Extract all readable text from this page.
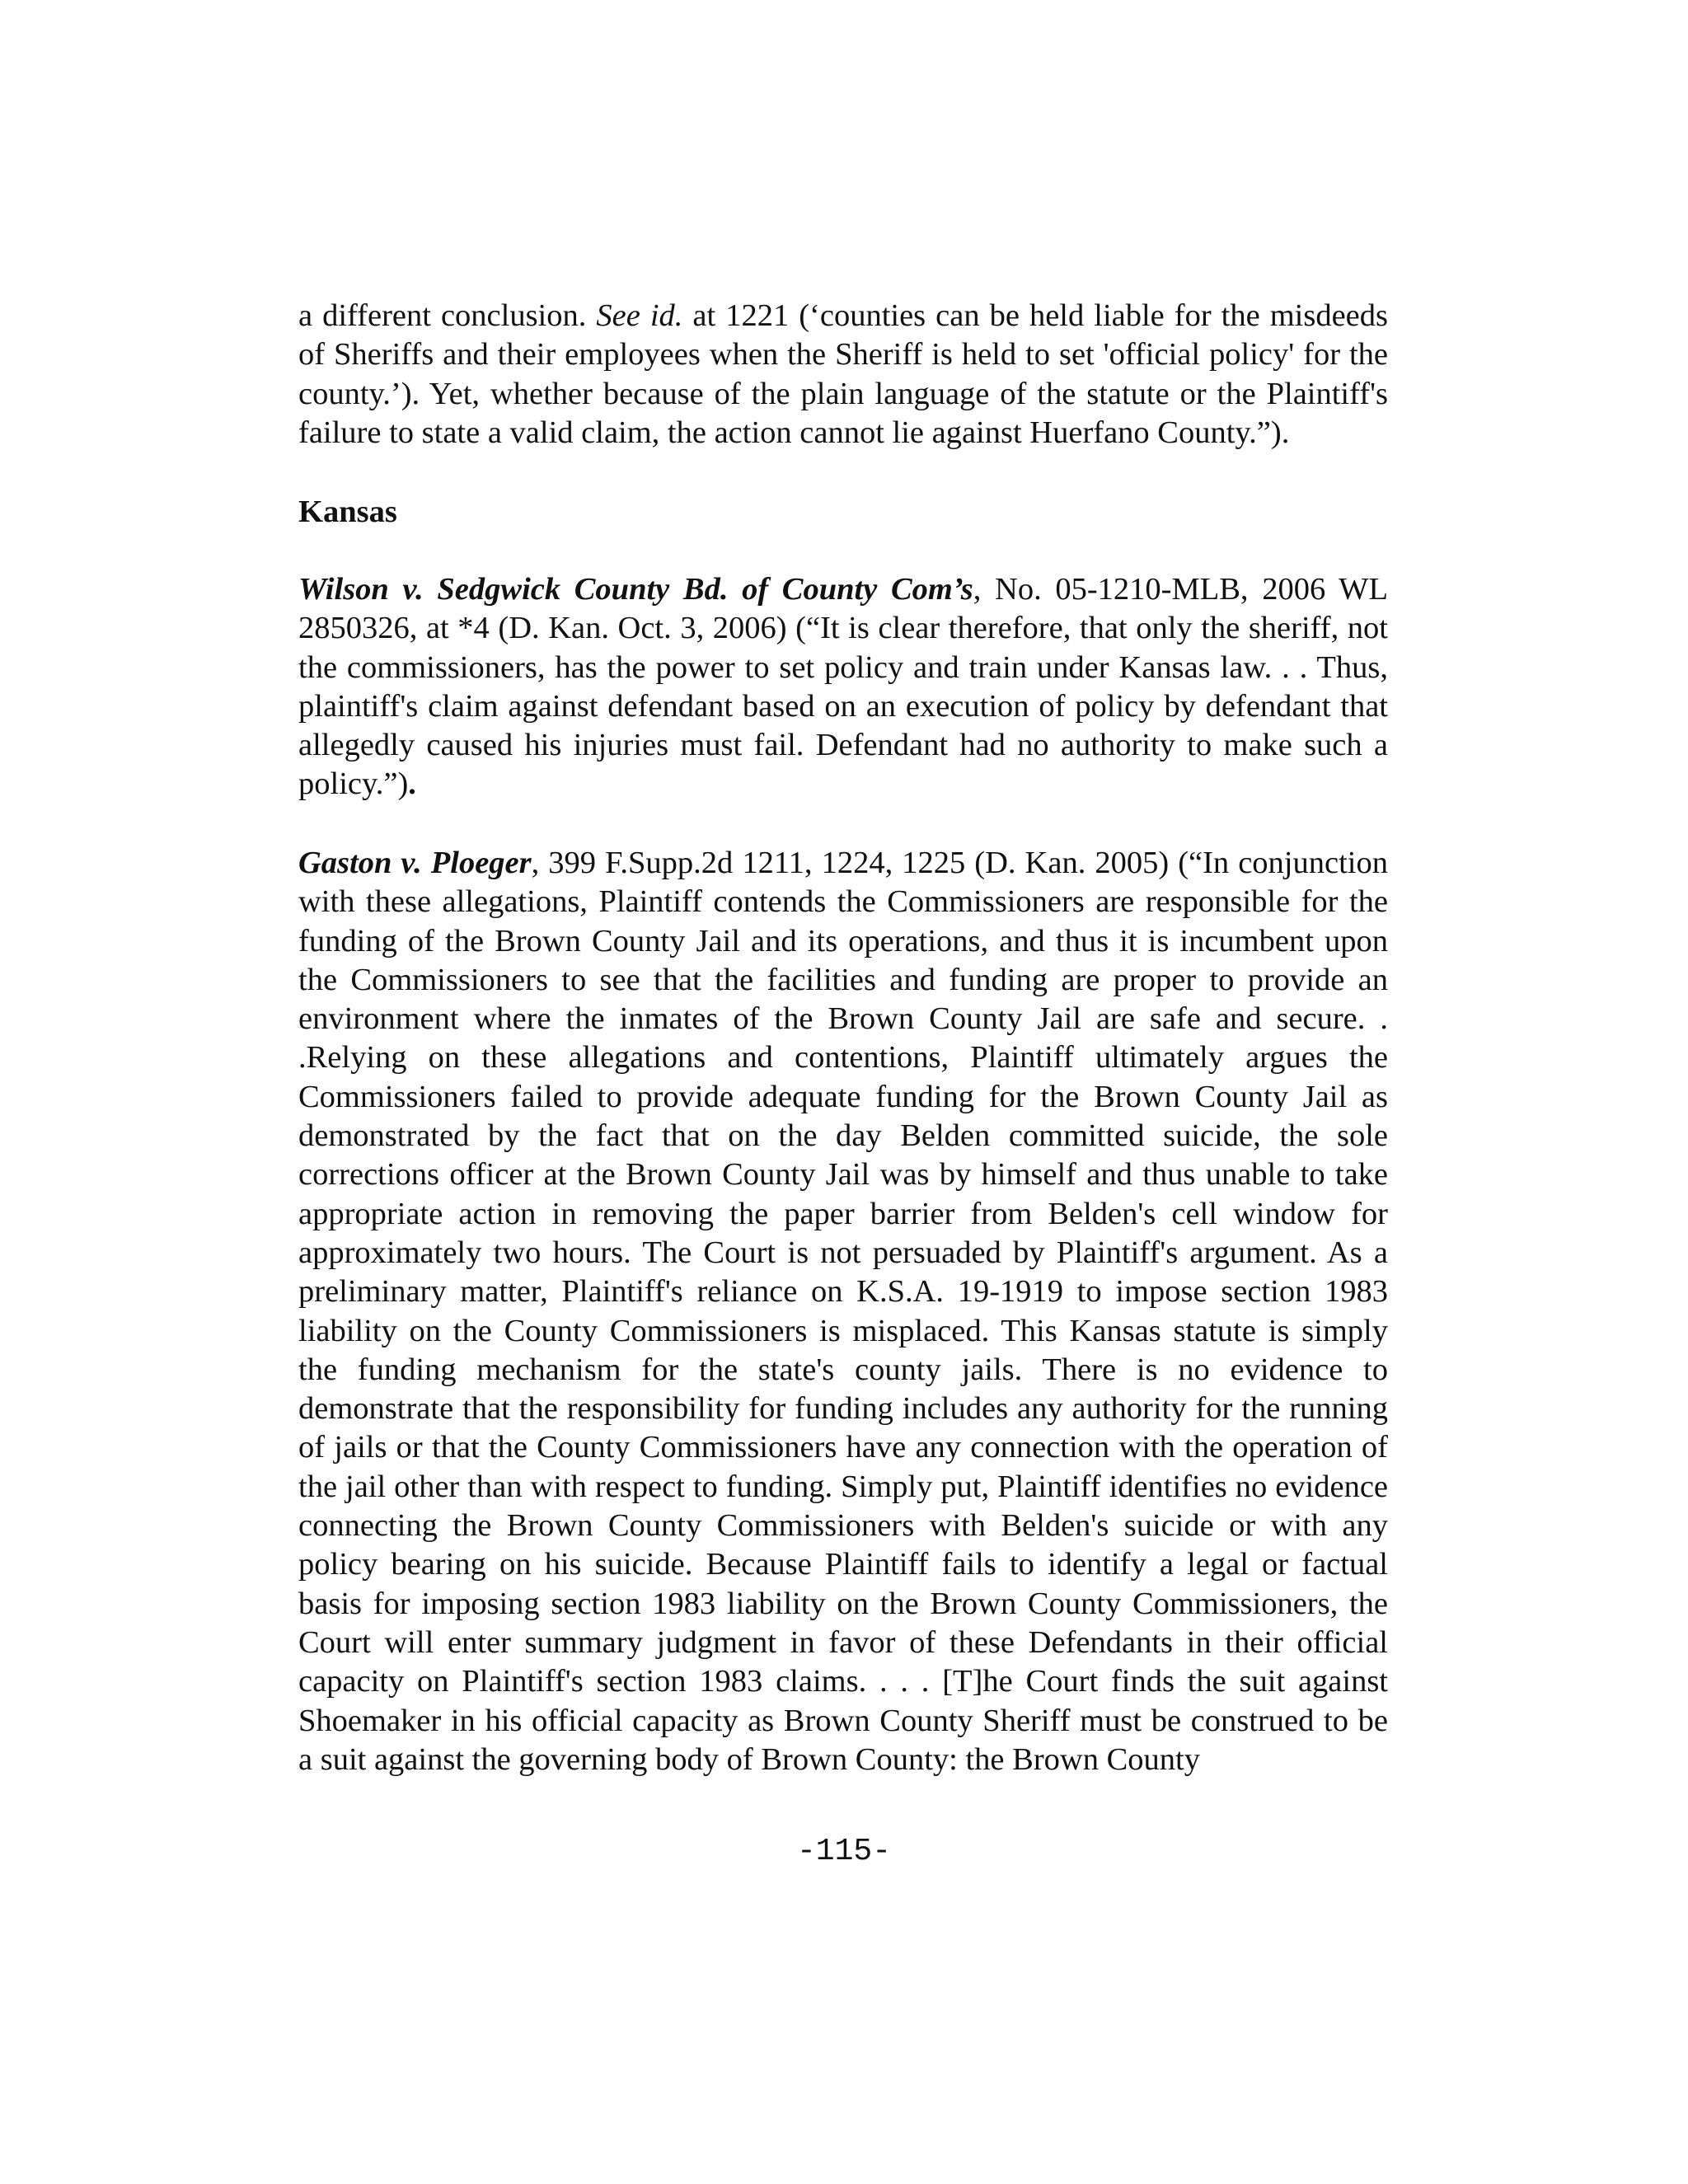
a different conclusion. See id. at 1221 (‘counties can be held liable for the misdeeds of Sheriffs and their employees when the Sheriff is held to set 'official policy' for the county.’). Yet, whether because of the plain language of the statute or the Plaintiff's failure to state a valid claim, the action cannot lie against Huerfano County.”).

Kansas

Wilson v. Sedgwick County Bd. of County Com’s, No. 05-1210-MLB, 2006 WL 2850326, at *4 (D. Kan. Oct. 3, 2006) (“It is clear therefore, that only the sheriff, not the commissioners, has the power to set policy and train under Kansas law. . . Thus, plaintiff's claim against defendant based on an execution of policy by defendant that allegedly caused his injuries must fail. Defendant had no authority to make such a policy.”).

Gaston v. Ploeger, 399 F.Supp.2d 1211, 1224, 1225 (D. Kan. 2005) (“In conjunction with these allegations, Plaintiff contends the Commissioners are responsible for the funding of the Brown County Jail and its operations, and thus it is incumbent upon the Commissioners to see that the facilities and funding are proper to provide an environment where the inmates of the Brown County Jail are safe and secure. . .Relying on these allegations and contentions, Plaintiff ultimately argues the Commissioners failed to provide adequate funding for the Brown County Jail as demonstrated by the fact that on the day Belden committed suicide, the sole corrections officer at the Brown County Jail was by himself and thus unable to take appropriate action in removing the paper barrier from Belden's cell window for approximately two hours. The Court is not persuaded by Plaintiff's argument. As a preliminary matter, Plaintiff's reliance on K.S.A. 19-1919 to impose section 1983 liability on the County Commissioners is misplaced. This Kansas statute is simply the funding mechanism for the state's county jails. There is no evidence to demonstrate that the responsibility for funding includes any authority for the running of jails or that the County Commissioners have any connection with the operation of the jail other than with respect to funding. Simply put, Plaintiff identifies no evidence connecting the Brown County Commissioners with Belden's suicide or with any policy bearing on his suicide. Because Plaintiff fails to identify a legal or factual basis for imposing section 1983 liability on the Brown County Commissioners, the Court will enter summary judgment in favor of these Defendants in their official capacity on Plaintiff's section 1983 claims. . . . [T]he Court finds the suit against Shoemaker in his official capacity as Brown County Sheriff must be construed to be a suit against the governing body of Brown County: the Brown County

-115-
